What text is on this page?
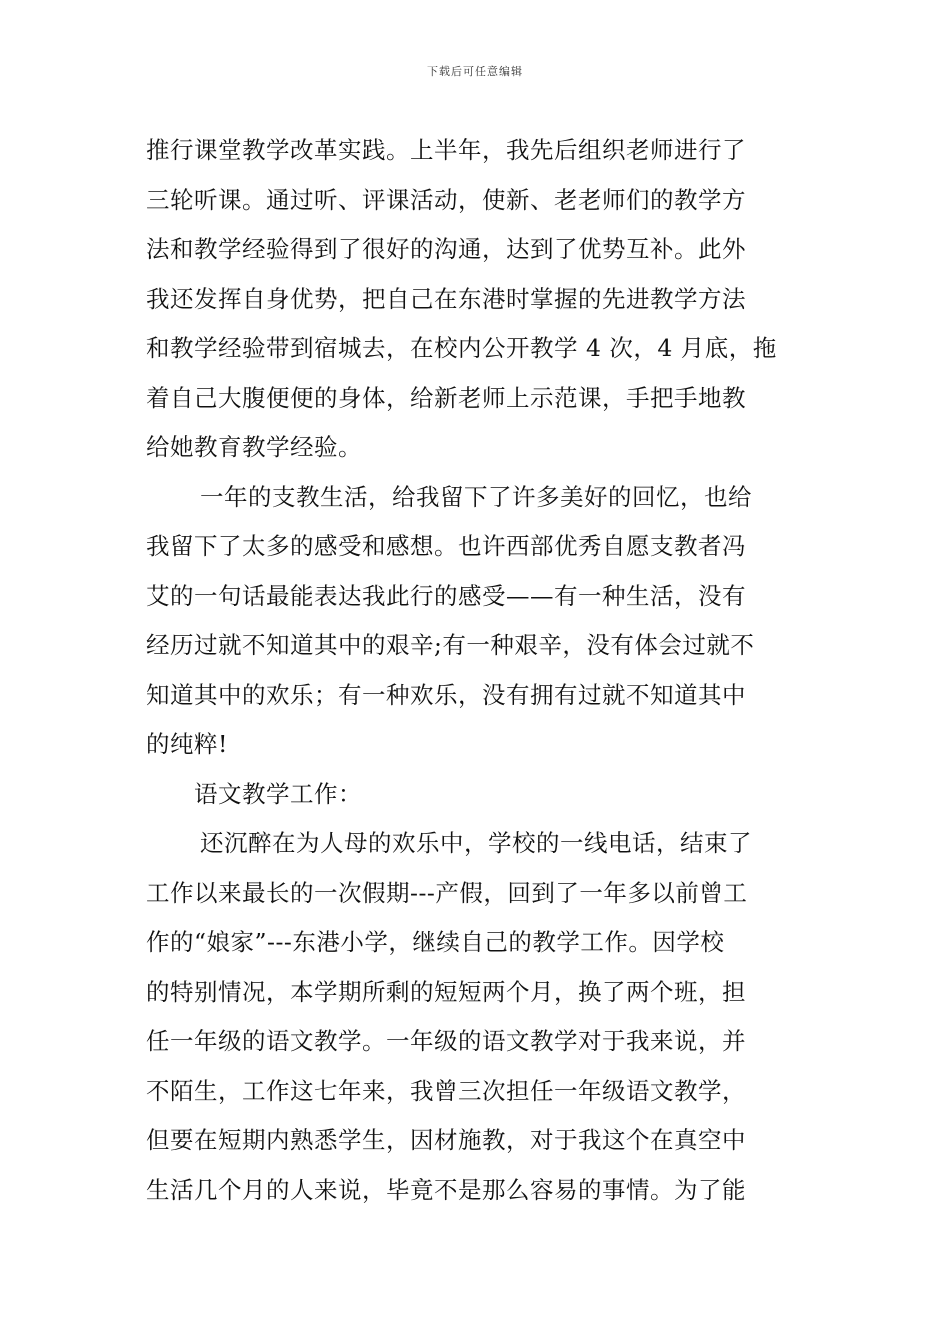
下载后可任意编辑
推行课堂教学改革实践。上半年，我先后组织老师进行了
三轮听课。通过听、评课活动，使新、老老师们的教学方
法和教学经验得到了很好的沟通，达到了优势互补。此外
我还发挥自身优势，把自己在东港时掌握的先进教学方法
和教学经验带到宿城去，在校内公开教学 4 次，4 月底，拖
着自己大腹便便的身体，给新老师上示范课，手把手地教
给她教育教学经验。
一年的支教生活，给我留下了许多美好的回忆，也给
我留下了太多的感受和感想。也许西部优秀自愿支教者冯
艾的一句话最能表达我此行的感受——有一种生活，没有
经历过就不知道其中的艰辛;有一种艰辛，没有体会过就不
知道其中的欢乐；有一种欢乐，没有拥有过就不知道其中
的纯粹!
语文教学工作：
还沉醉在为人母的欢乐中，学校的一线电话，结束了
工作以来最长的一次假期---产假，回到了一年多以前曾工
作的“娘家”---东港小学，继续自己的教学工作。因学校
的特别情况，本学期所剩的短短两个月，换了两个班，担
任一年级的语文教学。一年级的语文教学对于我来说，并
不陌生，工作这七年来，我曾三次担任一年级语文教学，
但要在短期内熟悉学生，因材施教，对于我这个在真空中
生活几个月的人来说，毕竟不是那么容易的事情。为了能
